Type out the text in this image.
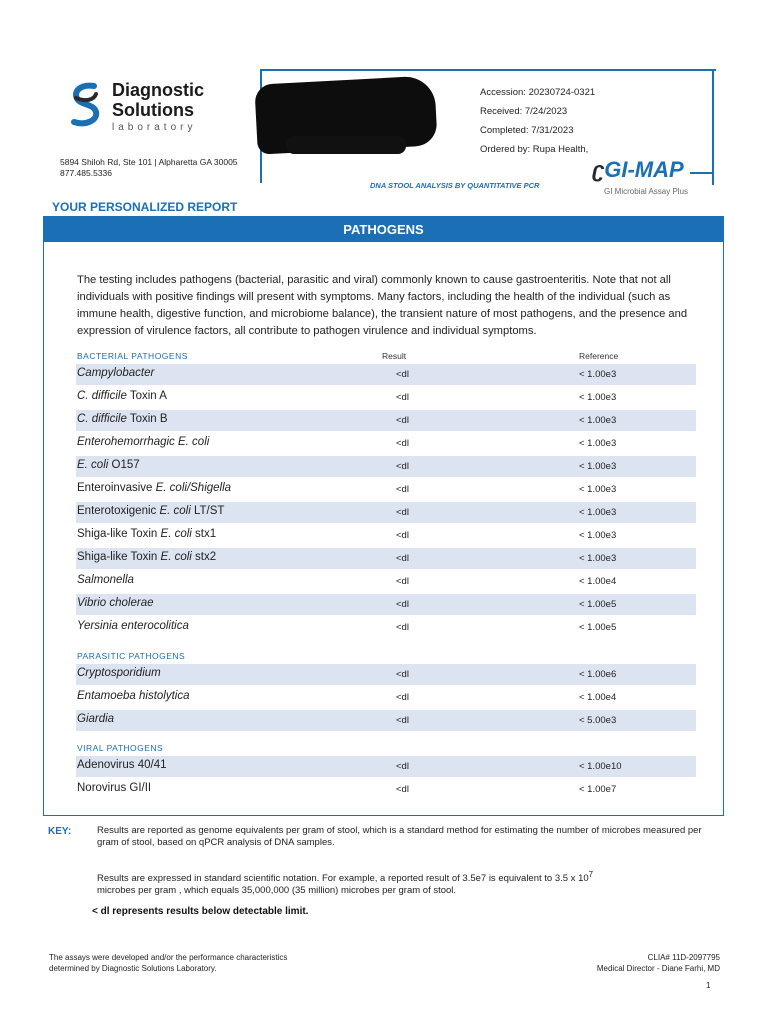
Diagnostic
Solutions
laboratory
5894 Shiloh Rd, Ste 101 | Alpharetta GA 30005
877.485.5336
Accession: 20230724-0321
Received: 7/24/2023
Completed: 7/31/2023
Ordered by: Rupa Health,
ʗGI-MAP
GI Microbial Assay Plus
DNA STOOL ANALYSIS BY QUANTITATIVE PCR
YOUR PERSONALIZED REPORT
PATHOGENS
The testing includes pathogens (bacterial, parasitic and viral) commonly known to cause gastroenteritis. Note that not all individuals with positive findings will present with symptoms. Many factors, including the health of the individual (such as immune health, digestive function, and microbiome balance), the transient nature of most pathogens, and the presence and expression of virulence factors, all contribute to pathogen virulence and individual symptoms.
BACTERIAL PATHOGENS	Result	Reference
Campylobacter	<dl	< 1.00e3
C. difficile Toxin A	<dl	< 1.00e3
C. difficile Toxin B	<dl	< 1.00e3
Enterohemorrhagic E. coli	<dl	< 1.00e3
E. coli O157	<dl	< 1.00e3
Enteroinvasive E. coli/Shigella	<dl	< 1.00e3
Enterotoxigenic E. coli LT/ST	<dl	< 1.00e3
Shiga-like Toxin E. coli stx1	<dl	< 1.00e3
Shiga-like Toxin E. coli stx2	<dl	< 1.00e3
Salmonella	<dl	< 1.00e4
Vibrio cholerae	<dl	< 1.00e5
Yersinia enterocolitica	<dl	< 1.00e5
PARASITIC PATHOGENS
Cryptosporidium	<dl	< 1.00e6
Entamoeba histolytica	<dl	< 1.00e4
Giardia	<dl	< 5.00e3
VIRAL PATHOGENS
Adenovirus 40/41	<dl	< 1.00e10
Norovirus GI/II	<dl	< 1.00e7
KEY:	Results are reported as genome equivalents per gram of stool, which is a standard method for estimating the number of microbes measured per gram of stool, based on qPCR analysis of DNA samples.
Results are expressed in standard scientific notation. For example, a reported result of 3.5e7 is equivalent to 3.5 x $10^7$
microbes per gram , which equals 35,000,000 (35 million) microbes per gram of stool.
< dl represents results below detectable limit.
The assays were developed and/or the performance characteristics
determined by Diagnostic Solutions Laboratory.
CLIA# 11D-2097795
Medical Director - Diane Farhi, MD
1
